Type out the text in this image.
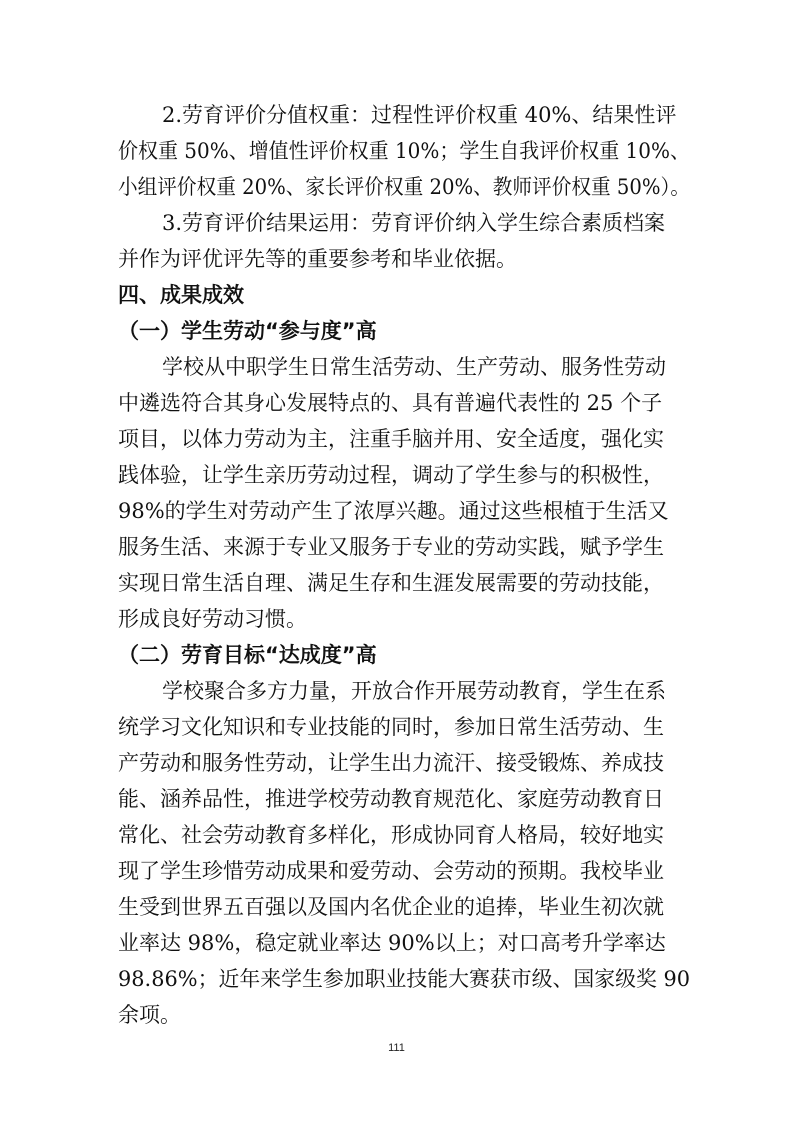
2.劳育评价分值权重：过程性评价权重 40%、结果性评
价权重 50%、增值性评价权重 10%；学生自我评价权重 10%、
小组评价权重 20%、家长评价权重 20%、教师评价权重 50%）。
3.劳育评价结果运用：劳育评价纳入学生综合素质档案
并作为评优评先等的重要参考和毕业依据。
四、成果成效
（一）学生劳动“参与度”高
学校从中职学生日常生活劳动、生产劳动、服务性劳动
中遴选符合其身心发展特点的、具有普遍代表性的 25 个子
项目，以体力劳动为主，注重手脑并用、安全适度，强化实
践体验，让学生亲历劳动过程，调动了学生参与的积极性，
98%的学生对劳动产生了浓厚兴趣。通过这些根植于生活又
服务生活、来源于专业又服务于专业的劳动实践，赋予学生
实现日常生活自理、满足生存和生涯发展需要的劳动技能，
形成良好劳动习惯。
（二）劳育目标“达成度”高
学校聚合多方力量，开放合作开展劳动教育，学生在系
统学习文化知识和专业技能的同时，参加日常生活劳动、生
产劳动和服务性劳动，让学生出力流汗、接受锻炼、养成技
能、涵养品性，推进学校劳动教育规范化、家庭劳动教育日
常化、社会劳动教育多样化，形成协同育人格局，较好地实
现了学生珍惜劳动成果和爱劳动、会劳动的预期。我校毕业
生受到世界五百强以及国内名优企业的追捧，毕业生初次就
业率达 98%，稳定就业率达 90%以上；对口高考升学率达
98.86%；近年来学生参加职业技能大赛获市级、国家级奖 90
余项。
111
